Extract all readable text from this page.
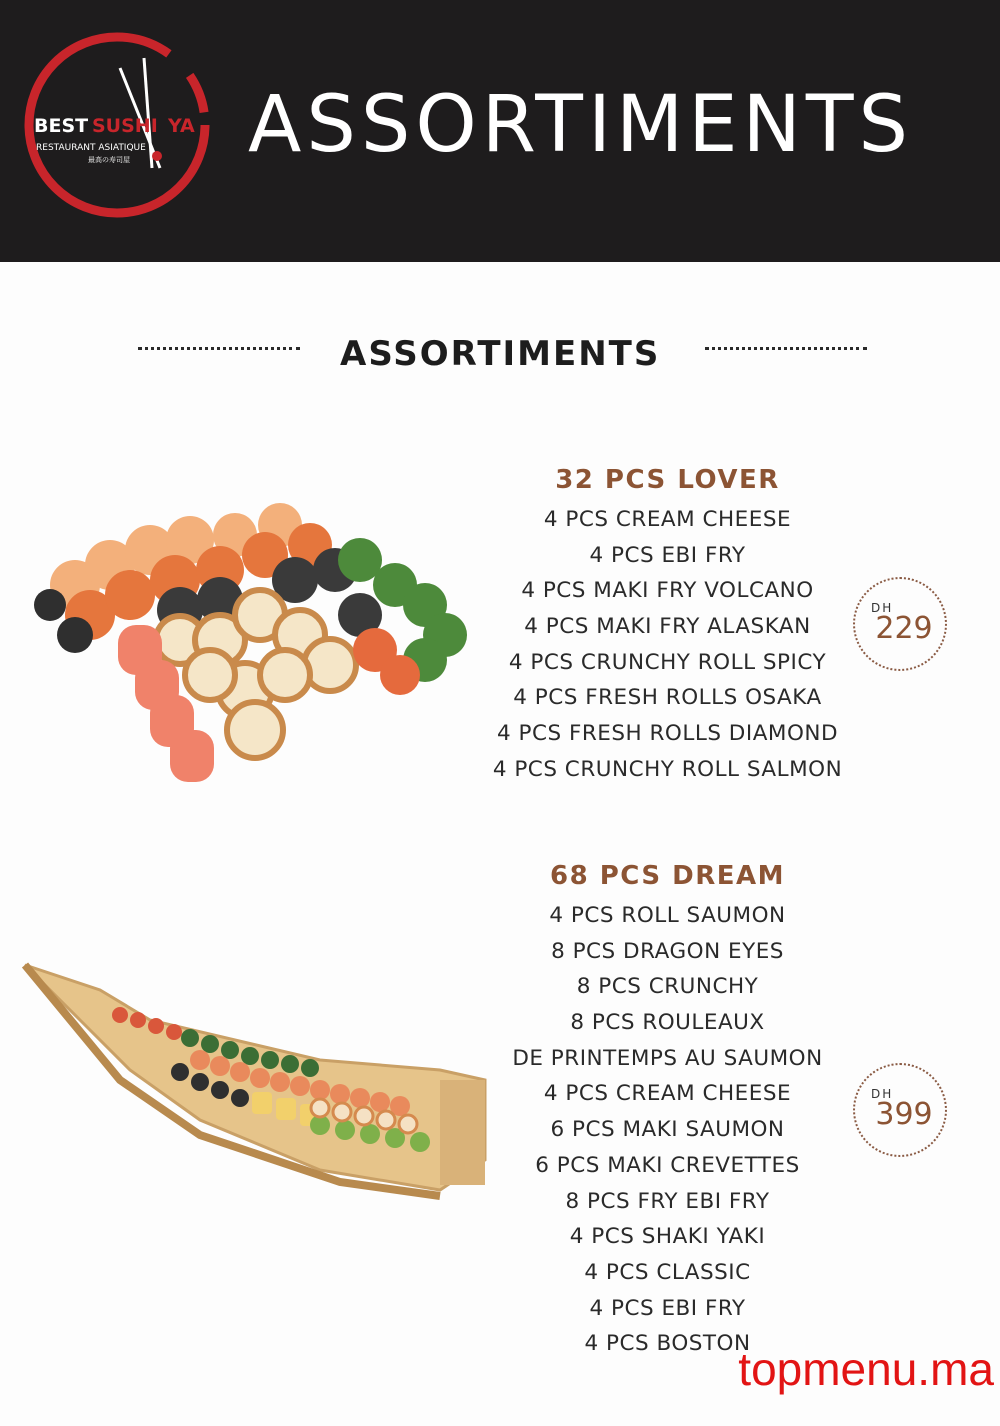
BEST SUSHI YA
RESTAURANT ASIATIQUE
最高の寿司屋 ASSORTIMENTS
ASSORTIMENTS
32 PCS LOVER
4 PCS CREAM CHEESE
4 PCS EBI FRY
4 PCS MAKI FRY VOLCANO
4 PCS MAKI FRY ALASKAN
4 PCS CRUNCHY ROLL SPICY
4 PCS FRESH ROLLS OSAKA
4 PCS FRESH ROLLS DIAMOND
4 PCS CRUNCHY ROLL SALMON
DH
229
68 PCS DREAM
4 PCS ROLL SAUMON
8 PCS DRAGON EYES
8 PCS CRUNCHY
8 PCS ROULEAUX
DE PRINTEMPS AU SAUMON
4 PCS CREAM CHEESE
6 PCS MAKI SAUMON
6 PCS MAKI CREVETTES
8 PCS FRY EBI FRY
4 PCS SHAKI YAKI
4 PCS CLASSIC
4 PCS EBI FRY
4 PCS BOSTON
DH
399
topmenu.ma
